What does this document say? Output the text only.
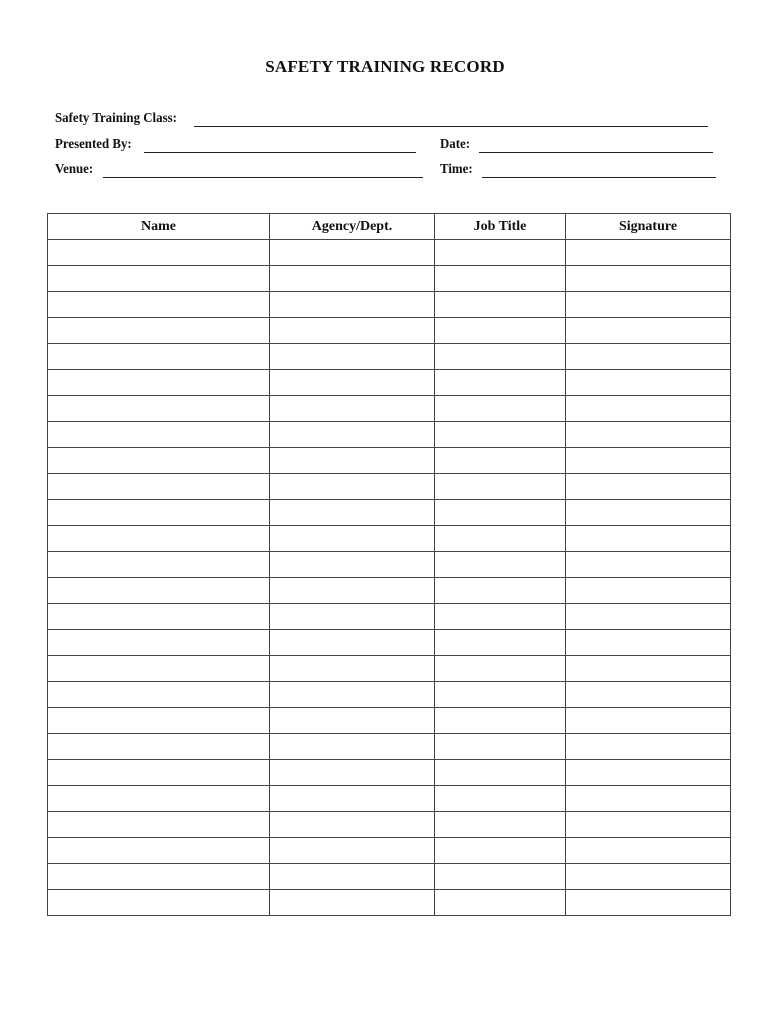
SAFETY TRAINING RECORD
Safety Training Class:
Presented By:	Date:
Venue:	Time:
Name	Agency/Dept.	Job Title	Signature
